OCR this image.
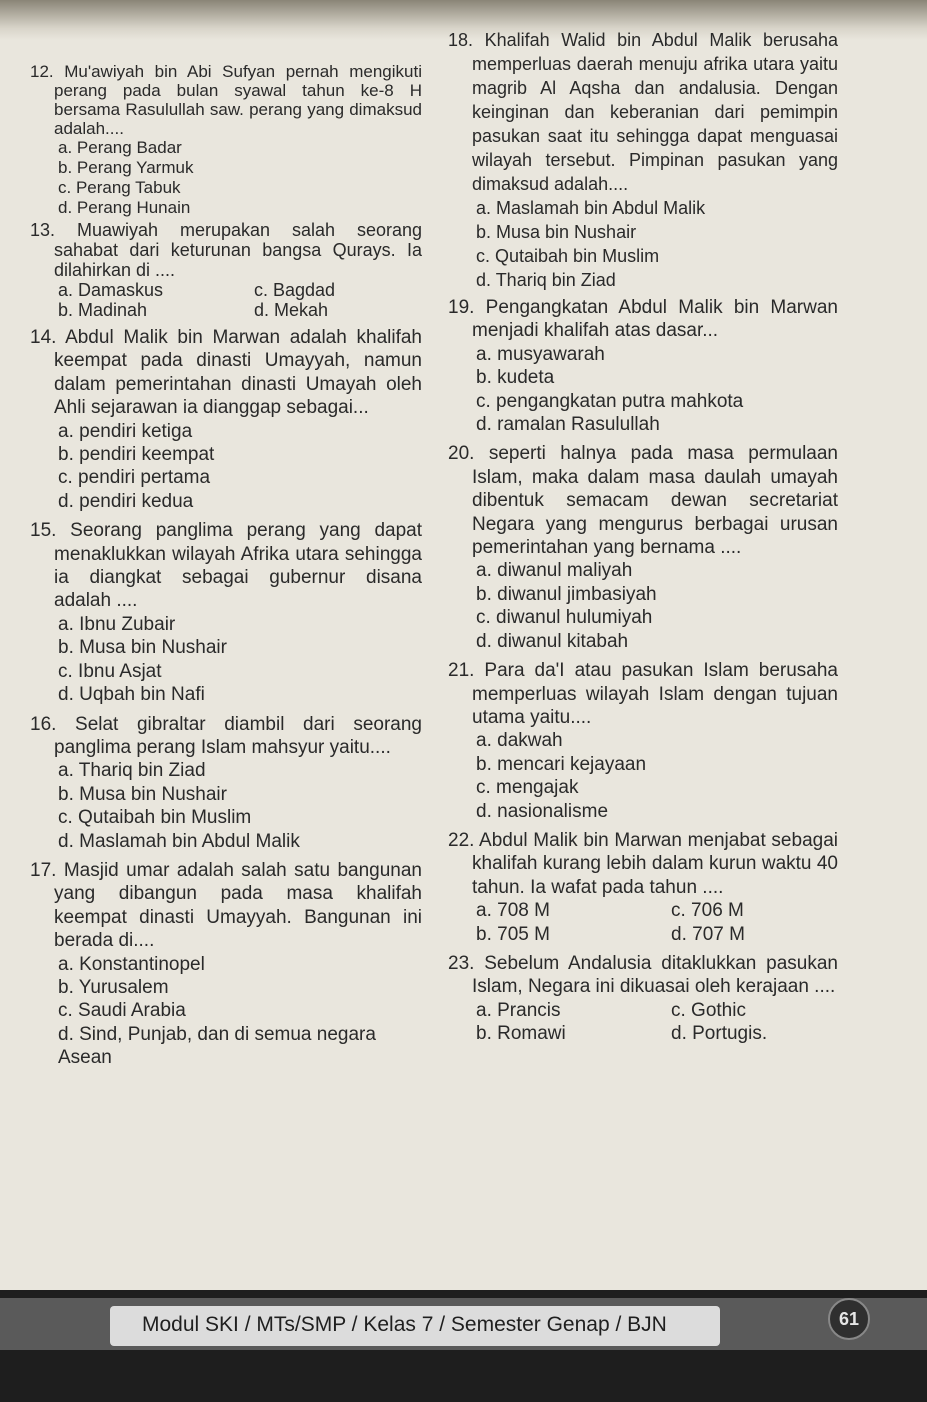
12. Mu'awiyah bin Abi Sufyan pernah mengikuti perang pada bulan syawal tahun ke-8 H bersama Rasulullah saw. perang yang dimaksud adalah....
a. Perang Badar
b. Perang Yarmuk
c. Perang Tabuk
d. Perang Hunain
13. Muawiyah merupakan salah seorang sahabat dari keturunan bangsa Qurays. Ia dilahirkan di ....
a. Damaskus	c. Bagdad
b. Madinah	d. Mekah
14. Abdul Malik bin Marwan adalah khalifah keempat pada dinasti Umayyah, namun dalam pemerintahan dinasti Umayah oleh Ahli sejarawan ia dianggap sebagai...
a. pendiri ketiga
b. pendiri keempat
c. pendiri pertama
d. pendiri kedua
15. Seorang panglima perang yang dapat menaklukkan wilayah Afrika utara sehingga ia diangkat sebagai gubernur disana adalah ....
a. Ibnu Zubair
b. Musa bin Nushair
c. Ibnu Asjat
d. Uqbah bin Nafi
16. Selat gibraltar diambil dari seorang panglima perang Islam mahsyur yaitu....
a. Thariq bin Ziad
b. Musa bin Nushair
c. Qutaibah bin Muslim
d. Maslamah bin Abdul Malik
17. Masjid umar adalah salah satu bangunan yang dibangun pada masa khalifah keempat dinasti Umayyah. Bangunan ini berada di....
a. Konstantinopel
b. Yurusalem
c. Saudi Arabia
d. Sind, Punjab, dan di semua negara Asean
18. Khalifah Walid bin Abdul Malik berusaha memperluas daerah menuju afrika utara yaitu magrib Al Aqsha dan andalusia. Dengan keinginan dan keberanian dari pemimpin pasukan saat itu sehingga dapat menguasai wilayah tersebut. Pimpinan pasukan yang dimaksud adalah....
a. Maslamah bin Abdul Malik
b. Musa bin Nushair
c. Qutaibah bin Muslim
d. Thariq bin Ziad
19. Pengangkatan Abdul Malik bin Marwan menjadi khalifah atas dasar...
a. musyawarah
b. kudeta
c. pengangkatan putra mahkota
d. ramalan Rasulullah
20. seperti halnya pada masa permulaan Islam, maka dalam masa daulah umayah dibentuk semacam dewan secretariat Negara yang mengurus berbagai urusan pemerintahan yang bernama ....
a. diwanul maliyah
b. diwanul jimbasiyah
c. diwanul hulumiyah
d. diwanul kitabah
21. Para da'I atau pasukan Islam berusaha memperluas wilayah Islam dengan tujuan utama yaitu....
a. dakwah
b. mencari kejayaan
c. mengajak
d. nasionalisme
22. Abdul Malik bin Marwan menjabat sebagai khalifah kurang lebih dalam kurun waktu 40 tahun. Ia wafat pada tahun ....
a. 708 M	c. 706 M
b. 705 M	d. 707 M
23. Sebelum Andalusia ditaklukkan pasukan Islam, Negara ini dikuasai oleh kerajaan ....
a. Prancis	c. Gothic
b. Romawi	d. Portugis.
Modul SKI / MTs/SMP / Kelas 7 / Semester Genap / BJN	61
